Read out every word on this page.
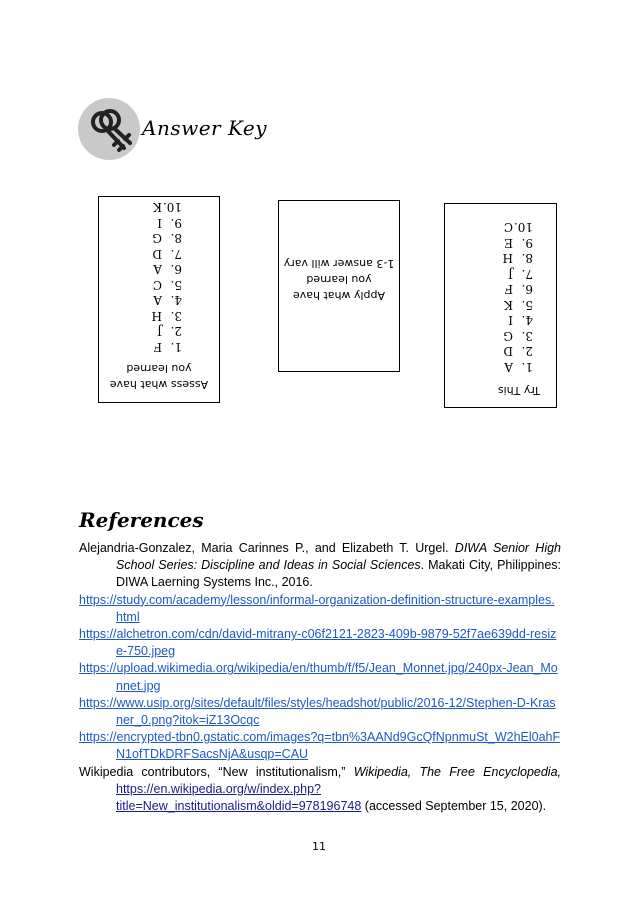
Answer Key
Assess what have
you learned
1.F
2.J
3.H
4.A
5.C
6.A
7.D
8.G
9.I
10.K
Apply what have
you learned
1-3 answer will vary
Try This
1.A
2.D
3.G
4.I
5.K
6.F
7.J
8.H
9.E
10.C
References

Alejandria-Gonzalez, Maria Carinnes P., and Elizabeth T. Urgel. DIWA Senior High School Series: Discipline and Ideas in Social Sciences. Makati City, Philippines: DIWA Laerning Systems Inc., 2016.

https://study.com/academy/lesson/informal-organization-definition-structure-examples.html

https://alchetron.com/cdn/david-mitrany-c06f2121-2823-409b-9879-52f7ae639dd-resize-750.jpeg

https://upload.wikimedia.org/wikipedia/en/thumb/f/f5/Jean_Monnet.jpg/240px-Jean_Monnet.jpg

https://www.usip.org/sites/default/files/styles/headshot/public/2016-12/Stephen-D-Krasner_0.png?itok=iZ13Ocqc

https://encrypted-tbn0.gstatic.com/images?q=tbn%3AANd9GcQfNpnmuSt_W2hEl0ahFN1ofTDkDRFSacsNjA&usqp=CAU

Wikipedia contributors, “New institutionalism,” Wikipedia, The Free Encyclopedia, https://en.wikipedia.org/w/index.php?title=New_institutionalism&oldid=978196748 (accessed September 15, 2020).

11
